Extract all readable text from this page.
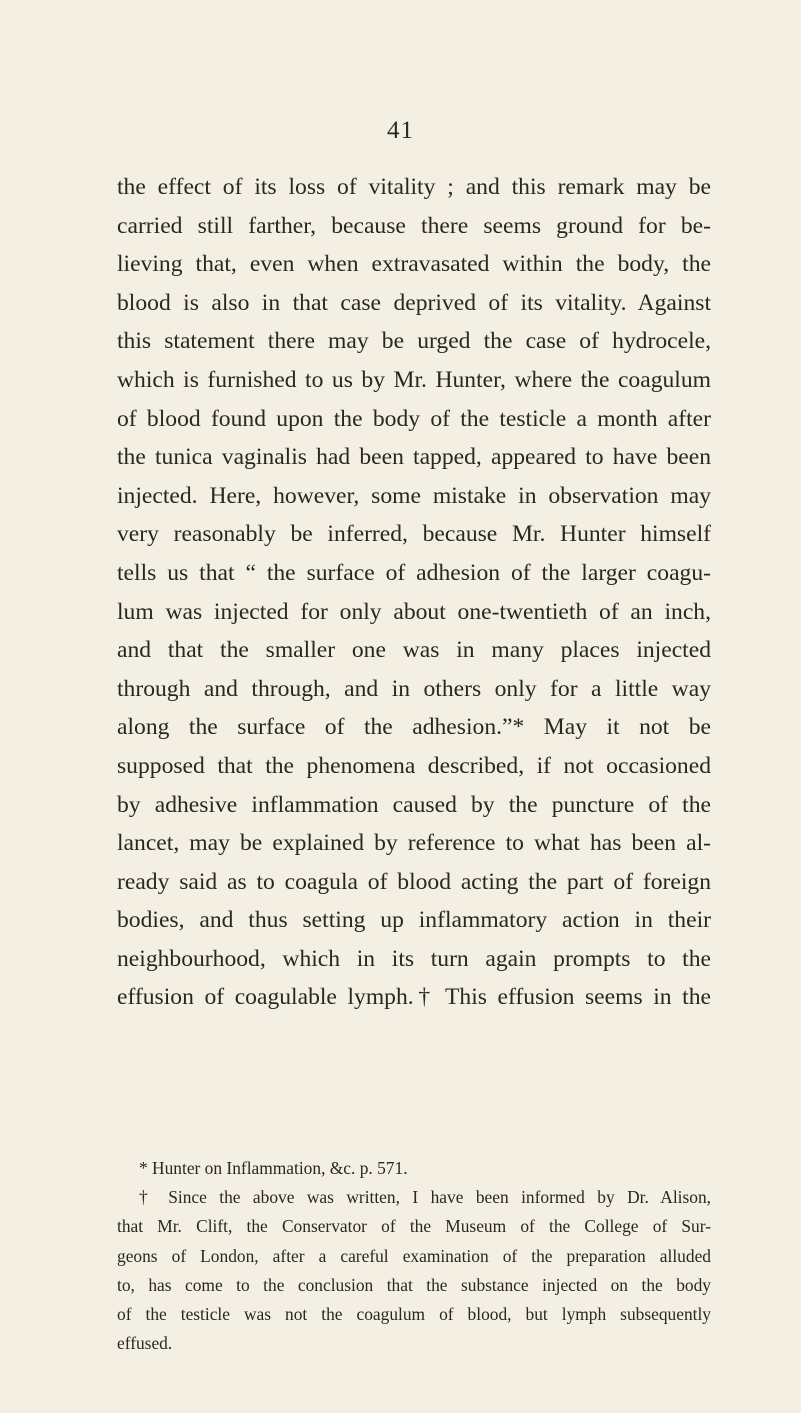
41
the effect of its loss of vitality ; and this remark may be
carried still farther, because there seems ground for be-
lieving that, even when extravasated within the body, the
blood is also in that case deprived of its vitality. Against
this statement there may be urged the case of hydrocele,
which is furnished to us by Mr. Hunter, where the coagulum
of blood found upon the body of the testicle a month after
the tunica vaginalis had been tapped, appeared to have been
injected. Here, however, some mistake in observation may
very reasonably be inferred, because Mr. Hunter himself
tells us that “ the surface of adhesion of the larger coagu-
lum was injected for only about one-twentieth of an inch,
and that the smaller one was in many places injected
through and through, and in others only for a little way
along the surface of the adhesion.”* May it not be
supposed that the phenomena described, if not occasioned
by adhesive inflammation caused by the puncture of the
lancet, may be explained by reference to what has been al-
ready said as to coagula of blood acting the part of foreign
bodies, and thus setting up inflammatory action in their
neighbourhood, which in its turn again prompts to the
effusion of coagulable lymph.† This effusion seems in the
* Hunter on Inflammation, &c. p. 571.
† Since the above was written, I have been informed by Dr. Alison,
that Mr. Clift, the Conservator of the Museum of the College of Sur-
geons of London, after a careful examination of the preparation alluded
to, has come to the conclusion that the substance injected on the body
of the testicle was not the coagulum of blood, but lymph subsequently
effused.
